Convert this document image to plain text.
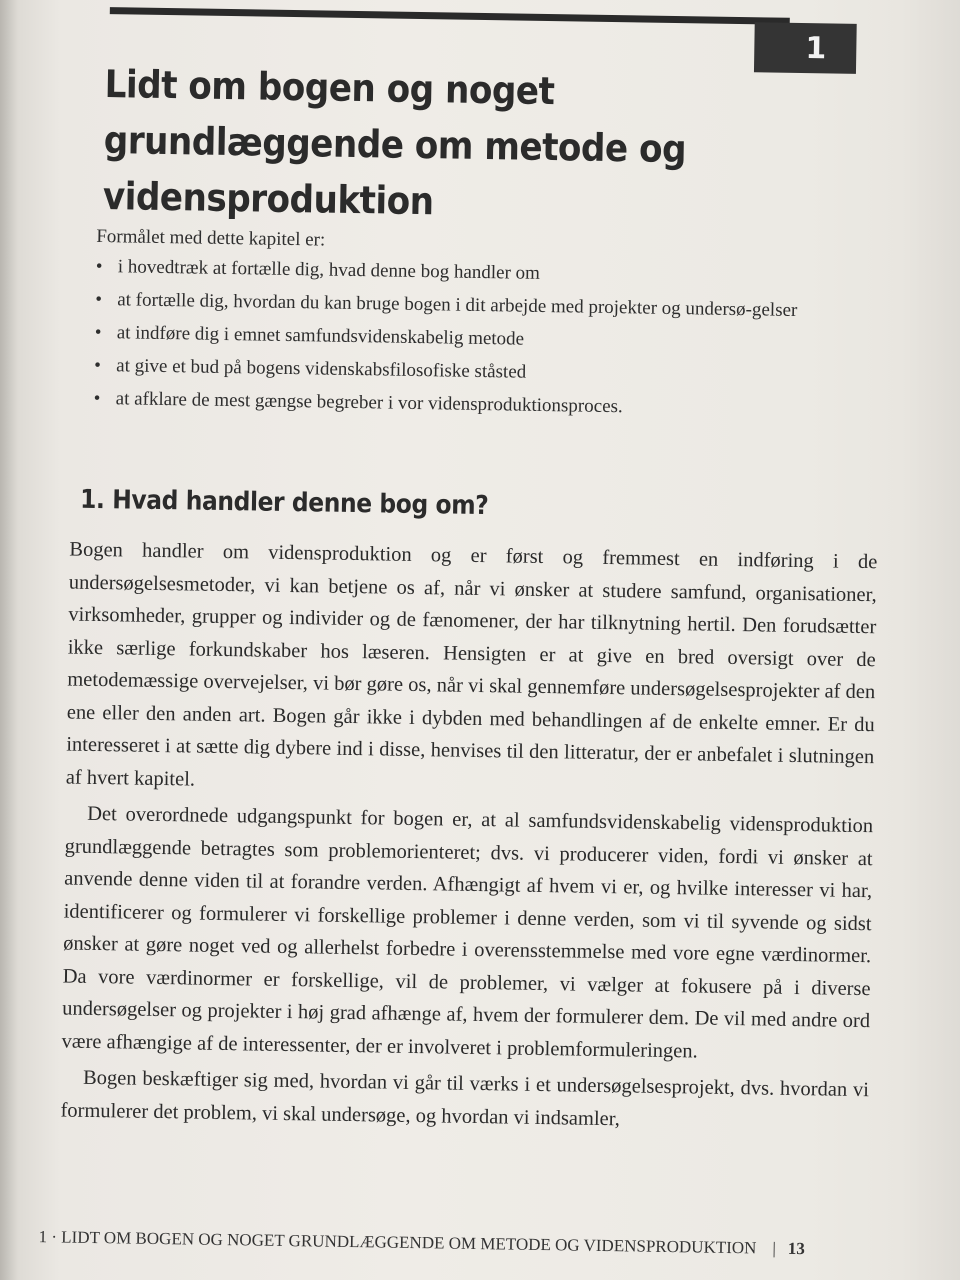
1
Lidt om bogen og noget grundlæggende om metode og vidensproduktion
Formålet med dette kapitel er:
• i hovedtræk at fortælle dig, hvad denne bog handler om
• at fortælle dig, hvordan du kan bruge bogen i dit arbejde med projekter og undersø-gelser
• at indføre dig i emnet samfundsvidenskabelig metode
• at give et bud på bogens videnskabsfilosofiske ståsted
• at afklare de mest gængse begreber i vor vidensproduktionsproces.
1. Hvad handler denne bog om?

Bogen handler om vidensproduktion og er først og fremmest en indføring i de undersøgelsesmetoder, vi kan betjene os af, når vi ønsker at studere samfund, organisationer, virksomheder, grupper og individer og de fænomener, der har tilknytning hertil. Den forudsætter ikke særlige forkundskaber hos læseren. Hensigten er at give en bred oversigt over de metodemæssige overvejelser, vi bør gøre os, når vi skal gennemføre undersøgelsesprojekter af den ene eller den anden art. Bogen går ikke i dybden med behandlingen af de enkelte emner. Er du interesseret i at sætte dig dybere ind i disse, henvises til den litteratur, der er anbefalet i slutningen af hvert kapitel.

Det overordnede udgangspunkt for bogen er, at al samfundsvidenskabelig vidensproduktion grundlæggende betragtes som problemorienteret; dvs. vi producerer viden, fordi vi ønsker at anvende denne viden til at forandre verden. Afhængigt af hvem vi er, og hvilke interesser vi har, identificerer og formulerer vi forskellige problemer i denne verden, som vi til syvende og sidst ønsker at gøre noget ved og allerhelst forbedre i overensstemmelse med vore egne værdinormer. Da vore værdinormer er forskellige, vil de problemer, vi vælger at fokusere på i diverse undersøgelser og projekter i høj grad afhænge af, hvem der formulerer dem. De vil med andre ord være afhængige af de interessenter, der er involveret i problemformuleringen.

Bogen beskæftiger sig med, hvordan vi går til værks i et undersøgelsesprojekt, dvs. hvordan vi formulerer det problem, vi skal undersøge, og hvordan vi indsamler,

1 · LIDT OM BOGEN OG NOGET GRUNDLÆGGENDE OM METODE OG VIDENSPRODUKTION | 13
